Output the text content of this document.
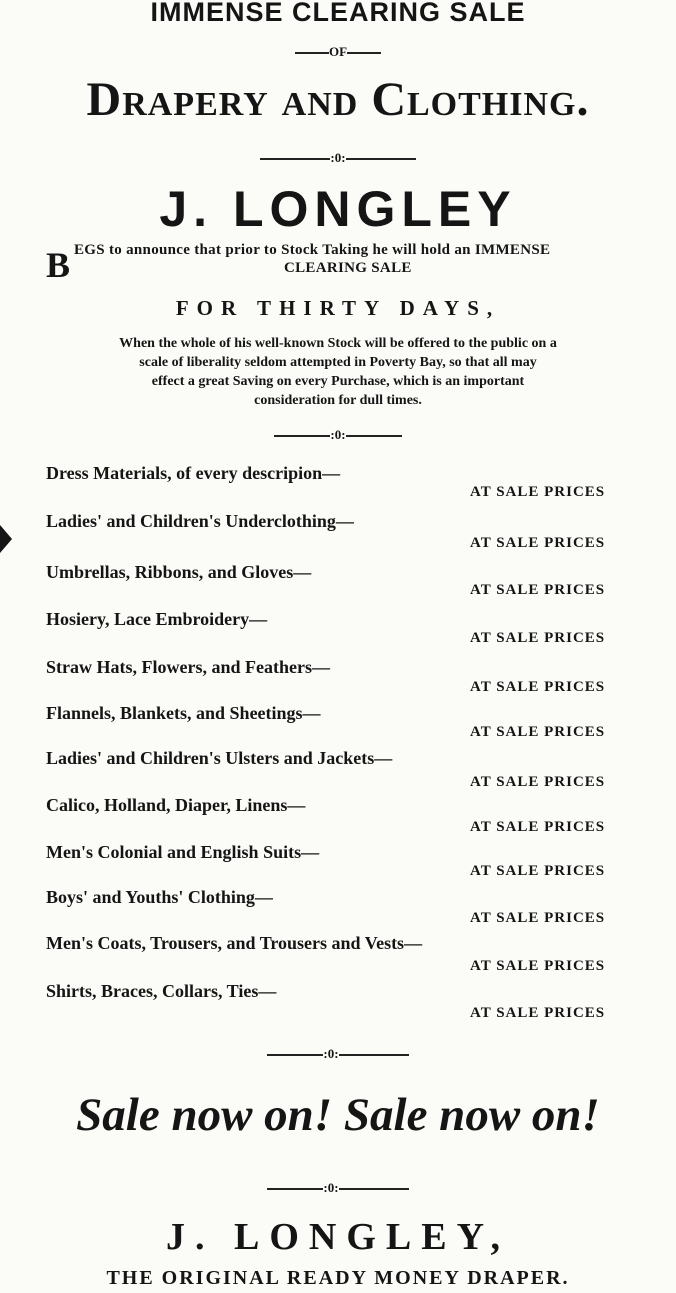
IMMENSE CLEARING SALE
OF
Drapery and Clothing.
:0:
J. LONGLEY
B EGS to announce that prior to Stock Taking he will hold an IMMENSE
CLEARING SALE
FOR THIRTY DAYS,
When the whole of his well-known Stock will be offered to the public on a
scale of liberality seldom attempted in Poverty Bay, so that all may
effect a great Saving on every Purchase, which is an important
consideration for dull times.
:0:
Dress Materials, of every descripion—
AT SALE PRICES
Ladies' and Children's Underclothing—
AT SALE PRICES
Umbrellas, Ribbons, and Gloves—
AT SALE PRICES
Hosiery, Lace Embroidery—
AT SALE PRICES
Straw Hats, Flowers, and Feathers—
AT SALE PRICES
Flannels, Blankets, and Sheetings—
AT SALE PRICES
Ladies' and Children's Ulsters and Jackets—
AT SALE PRICES
Calico, Holland, Diaper, Linens—
AT SALE PRICES
Men's Colonial and English Suits—
AT SALE PRICES
Boys' and Youths' Clothing—
AT SALE PRICES
Men's Coats, Trousers, and Trousers and Vests—
AT SALE PRICES
Shirts, Braces, Collars, Ties—
AT SALE PRICES
:0:
Sale now on! Sale now on!
:0:
J. LONGLEY,
THE ORIGINAL READY MONEY DRAPER.
